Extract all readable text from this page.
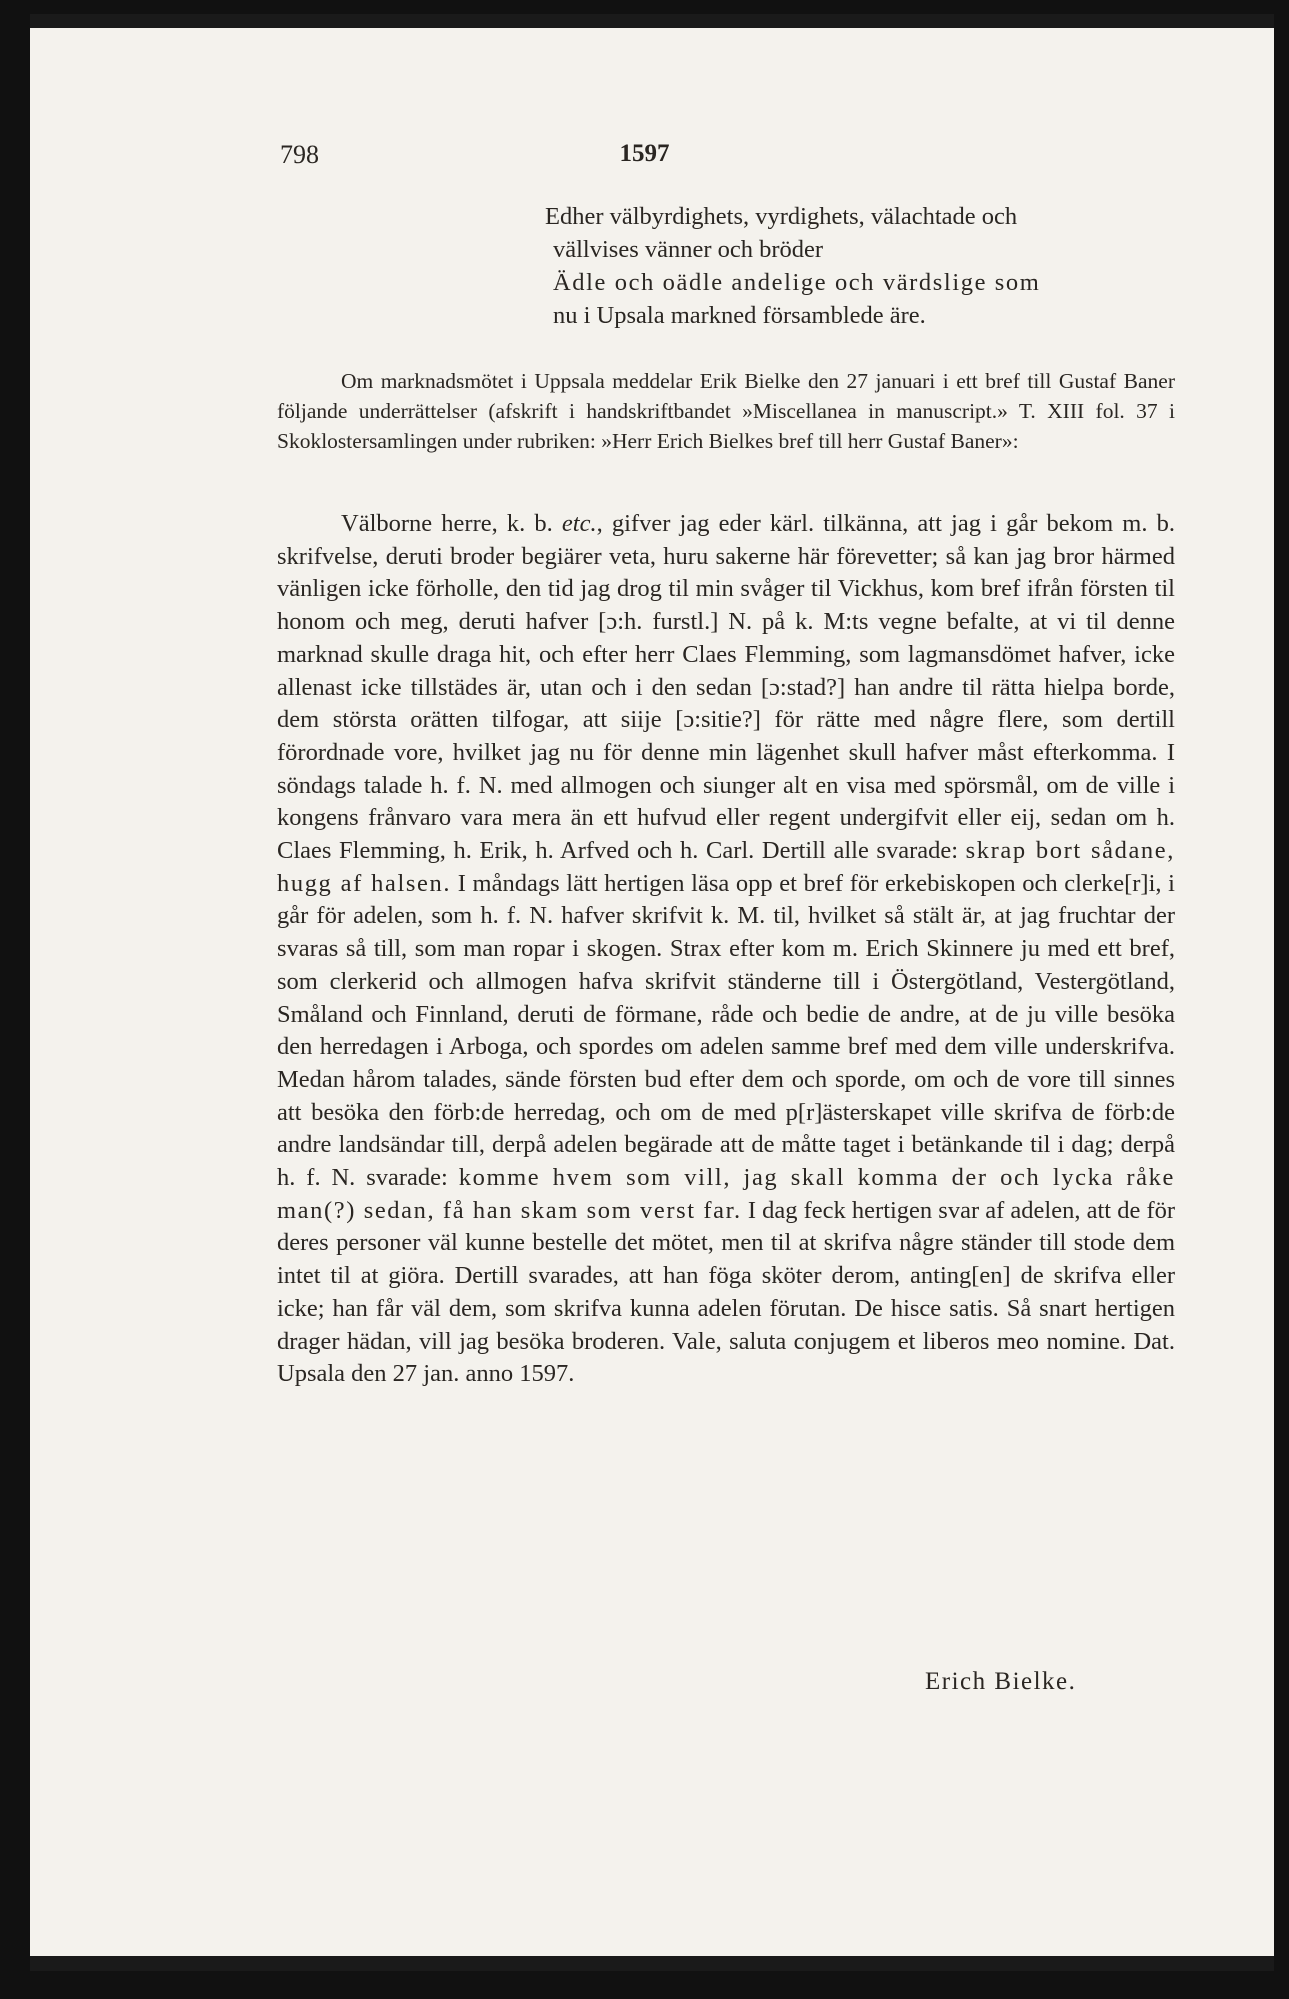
798	1597
Edher välbyrdighets, vyrdighets, välachtade och
vällvises vänner och bröder
Ädle och oädle andelige och värdslige som
nu i Upsala markned församblede äre.
Om marknadsmötet i Uppsala meddelar Erik Bielke den 27 januari i ett bref till Gustaf Baner följande underrättelser (afskrift i handskriftbandet »Miscellanea in manuscript.» T. XIII fol. 37 i Skoklostersamlingen under rubriken: »Herr Erich Bielkes bref till herr Gustaf Baner»:
Välborne herre, k. b. etc., gifver jag eder kärl. tilkänna, att jag i går bekom m. b. skrifvelse, deruti broder begiärer veta, huru sakerne här förevetter; så kan jag bror härmed vänligen icke förholle, den tid jag drog til min svåger til Vickhus, kom bref ifrån försten til honom och meg, deruti hafver [ɔ:h. furstl.] N. på k. M:ts vegne befalte, at vi til denne marknad skulle draga hit, och efter herr Claes Flemming, som lagmansdömet hafver, icke allenast icke tillstädes är, utan och i den sedan [ɔ:stad?] han andre til rätta hielpa borde, dem största orätten tilfogar, att siije [ɔ:sitie?] för rätte med någre flere, som dertill förordnade vore, hvilket jag nu för denne min lägenhet skull hafver måst efterkomma. I söndags talade h. f. N. med allmogen och siunger alt en visa med spörsmål, om de ville i kongens frånvaro vara mera än ett hufvud eller regent undergifvit eller eij, sedan om h. Claes Flemming, h. Erik, h. Arfved och h. Carl. Dertill alle svarade: skrap bort sådane, hugg af halsen. I måndags lätt hertigen läsa opp et bref för erkebiskopen och clerke[r]i, i går för adelen, som h. f. N. hafver skrifvit k. M. til, hvilket så stält är, at jag fruchtar der svaras så till, som man ropar i skogen. Strax efter kom m. Erich Skinnere ju med ett bref, som clerkerid och allmogen hafva skrifvit ständerne till i Östergötland, Vestergötland, Småland och Finnland, deruti de förmane, råde och bedie de andre, at de ju ville besöka den herredagen i Arboga, och spordes om adelen samme bref med dem ville underskrifva. Medan hårom talades, sände försten bud efter dem och sporde, om och de vore till sinnes att besöka den förb:de herredag, och om de med p[r]ästerskapet ville skrifva de förb:de andre landsändar till, derpå adelen begärade att de måtte taget i betänkande til i dag; derpå h. f. N. svarade: komme hvem som vill, jag skall komma der och lycka råke man(?) sedan, få han skam som verst far. I dag feck hertigen svar af adelen, att de för deres personer väl kunne bestelle det mötet, men til at skrifva någre ständer till stode dem intet til at giöra. Dertill svarades, att han föga sköter derom, anting[en] de skrifva eller icke; han får väl dem, som skrifva kunna adelen förutan. De hisce satis. Så snart hertigen drager hädan, vill jag besöka broderen. Vale, saluta conjugem et liberos meo nomine. Dat. Upsala den 27 jan. anno 1597.
Erich Bielke.
